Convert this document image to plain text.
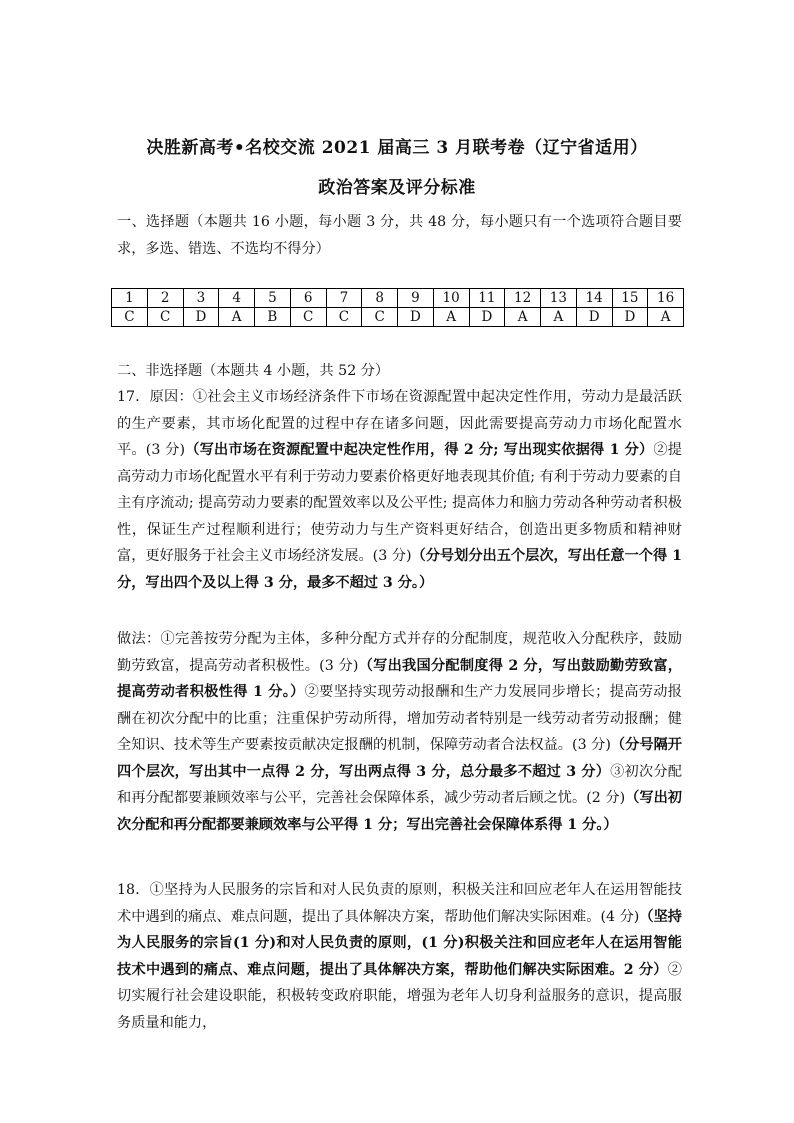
决胜新高考•名校交流 2021 届高三 3 月联考卷（辽宁省适用）
政治答案及评分标准
一、选择题（本题共 16 小题，每小题 3 分，共 48 分，每小题只有一个选项符合题目要求，多选、错选、不选均不得分）
1	2	3	4	5	6	7	8	9	10	11	12	13	14	15	16
C	C	D	A	B	C	C	C	D	A	D	A	A	D	D	A
二、非选择题（本题共 4 小题，共 52 分）
17．原因：①社会主义市场经济条件下市场在资源配置中起决定性作用，劳动力是最活跃的生产要素，其市场化配置的过程中存在诸多问题，因此需要提高劳动力市场化配置水平。(3 分)（写出市场在资源配置中起决定性作用，得 2 分; 写出现实依据得 1 分）②提高劳动力市场化配置水平有利于劳动力要素价格更好地表现其价值; 有利于劳动力要素的自主有序流动; 提高劳动力要素的配置效率以及公平性; 提高体力和脑力劳动各种劳动者积极性，保证生产过程顺利进行；使劳动力与生产资料更好结合，创造出更多物质和精神财富，更好服务于社会主义市场经济发展。(3 分)（分号划分出五个层次，写出任意一个得 1 分，写出四个及以上得 3 分，最多不超过 3 分。）
做法：①完善按劳分配为主体，多种分配方式并存的分配制度，规范收入分配秩序，鼓励勤劳致富，提高劳动者积极性。(3 分)（写出我国分配制度得 2 分，写出鼓励勤劳致富，提高劳动者积极性得 1 分。）②要坚持实现劳动报酬和生产力发展同步增长；提高劳动报酬在初次分配中的比重；注重保护劳动所得，增加劳动者特别是一线劳动者劳动报酬；健全知识、技术等生产要素按贡献决定报酬的机制，保障劳动者合法权益。(3 分)（分号隔开四个层次，写出其中一点得 2 分，写出两点得 3 分，总分最多不超过 3 分）③初次分配和再分配都要兼顾效率与公平，完善社会保障体系，减少劳动者后顾之忧。(2 分)（写出初次分配和再分配都要兼顾效率与公平得 1 分；写出完善社会保障体系得 1 分。）
18．①坚持为人民服务的宗旨和对人民负责的原则，积极关注和回应老年人在运用智能技术中遇到的痛点、难点问题，提出了具体解决方案，帮助他们解决实际困难。(4 分)（坚持为人民服务的宗旨(1 分)和对人民负责的原则，(1 分)积极关注和回应老年人在运用智能技术中遇到的痛点、难点问题，提出了具体解决方案，帮助他们解决实际困难。2 分）②切实履行社会建设职能，积极转变政府职能，增强为老年人切身利益服务的意识，提高服务质量和能力，
